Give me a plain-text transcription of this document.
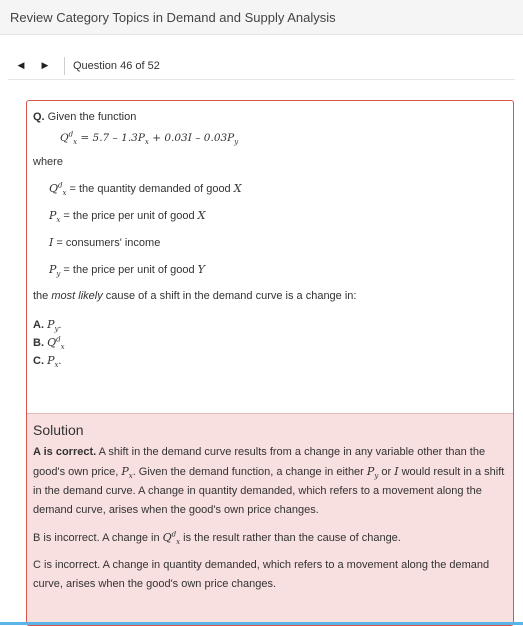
Review Category Topics in Demand and Supply Analysis
◀	▶	Question 46 of 52
Q. Given the function
$Q^d_x = 5.7 - 1.3P_x + 0.03I - 0.03P_y$
where
$Q^d_x$ = the quantity demanded of good X
$P_x$ = the price per unit of good X
I = consumers' income
$P_y$ = the price per unit of good Y
the most likely cause of a shift in the demand curve is a change in:
A. $P_y$.
B. $Q^d_x$
C. $P_x$.
Solution

A is correct. A shift in the demand curve results from a change in any variable other than the good's own price, $P_x$. Given the demand function, a change in either $P_y$ or I would result in a shift in the demand curve. A change in quantity demanded, which refers to a movement along the demand curve, arises when the good's own price changes.

B is incorrect. A change in $Q^d_x$ is the result rather than the cause of change.

C is incorrect. A change in quantity demanded, which refers to a movement along the demand curve, arises when the good's own price changes.
